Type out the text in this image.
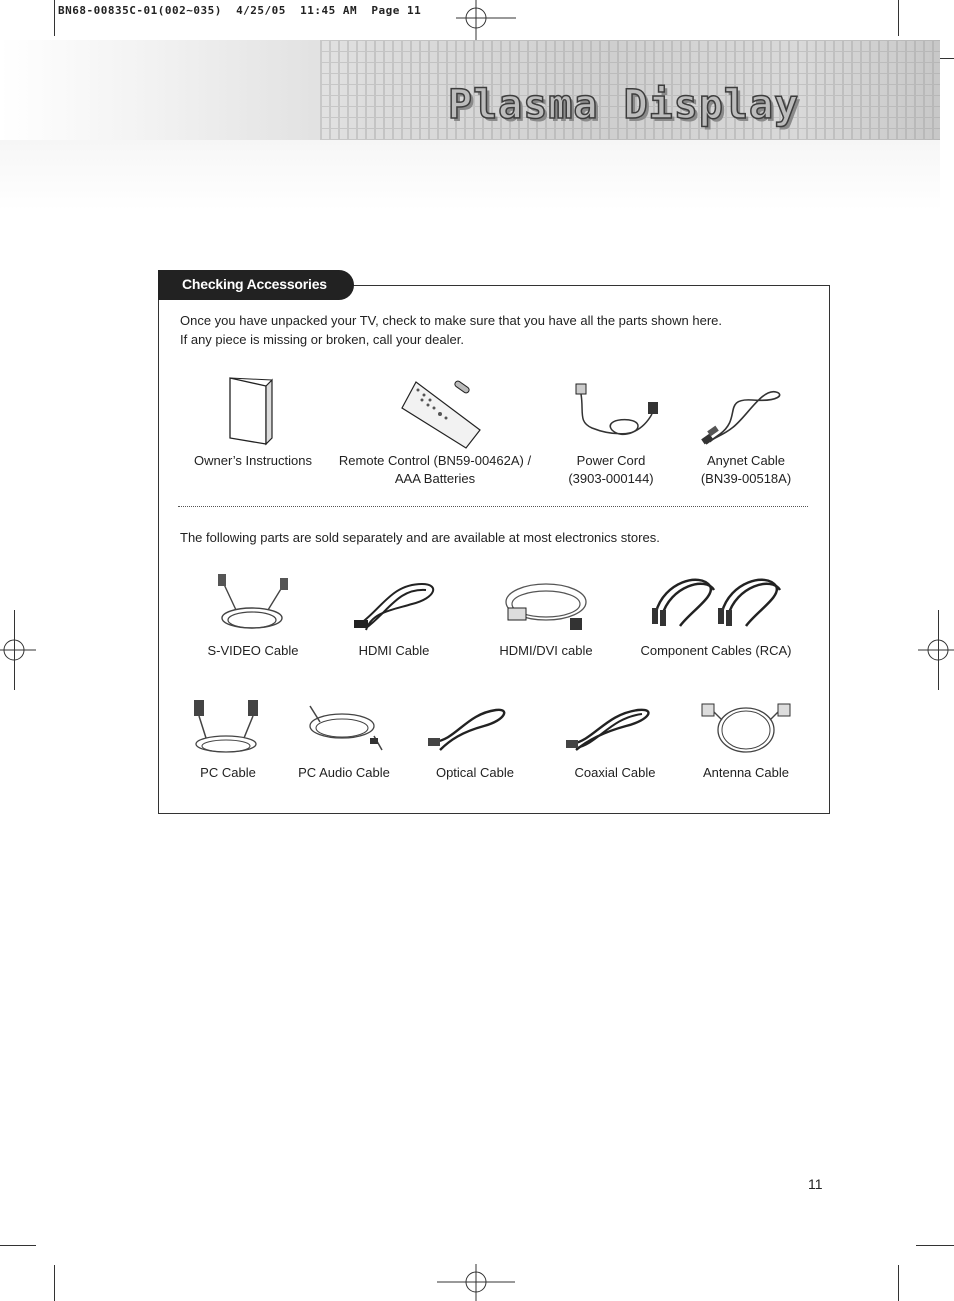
BN68-00835C-01(002~035)  4/25/05  11:45 AM  Page 11
Plasma Display
Checking Accessories
Once you have unpacked your TV, check to make sure that you have all the parts shown here.
If any piece is missing or broken, call your dealer.
Owner’s Instructions	Remote Control (BN59-00462A) /
AAA Batteries
Power Cord
(3903-000144)
Anynet Cable
(BN39-00518A)
The following parts are sold separately and are available at most electronics stores.
S-VIDEO Cable	HDMI Cable	HDMI/DVI cable	Component Cables (RCA)
PC Cable	PC Audio Cable	Optical Cable	Coaxial Cable	Antenna Cable
11
